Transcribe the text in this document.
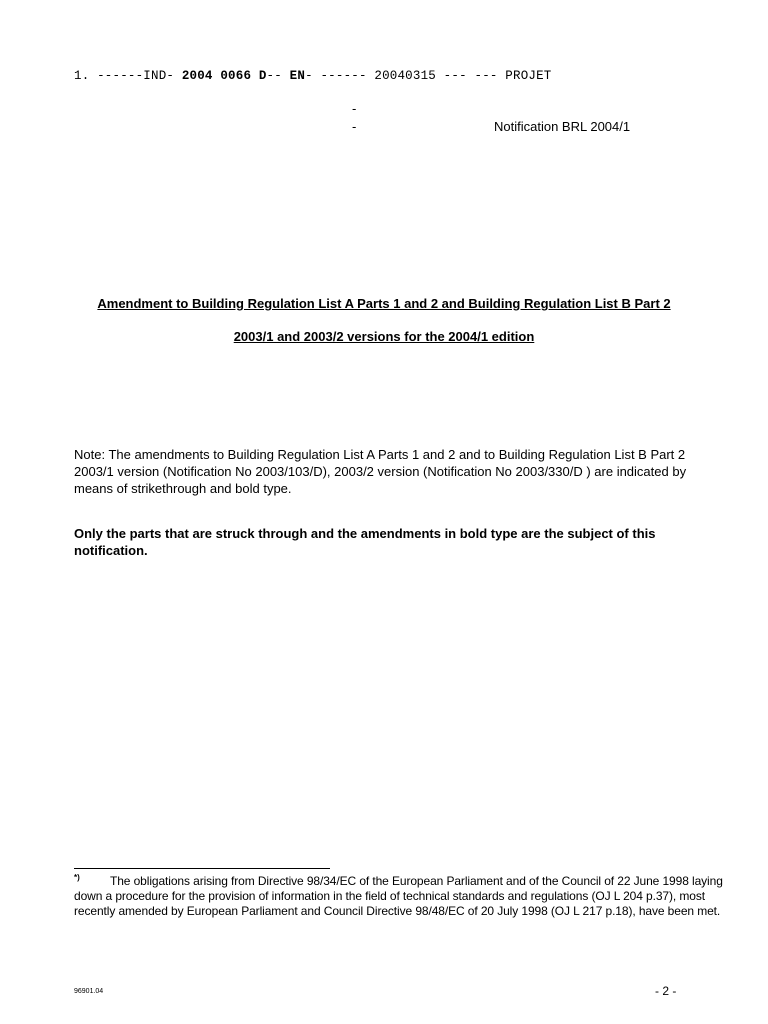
1. ------IND- 2004 0066 D-- EN- ------ 20040315 --- --- PROJET
-
-	Notification BRL 2004/1
Amendment to Building Regulation List A Parts 1 and 2 and Building Regulation List B Part 2
2003/1 and 2003/2 versions for the 2004/1 edition
Note: The amendments to Building Regulation List A Parts 1 and 2 and to Building Regulation List B Part 2 2003/1 version (Notification No 2003/103/D), 2003/2 version (Notification No 2003/330/D ) are indicated by means of strikethrough and bold type.
Only the parts that are struck through and the amendments in bold type are the subject of this notification.
*)	The obligations arising from Directive 98/34/EC of the European Parliament and of the Council of 22 June 1998 laying down a procedure for the provision of information in the field of technical standards and regulations (OJ L 204 p.37), most recently amended by European Parliament and Council Directive 98/48/EC of 20 July 1998 (OJ L 217 p.18), have been met.
96901.04	- 2 -
